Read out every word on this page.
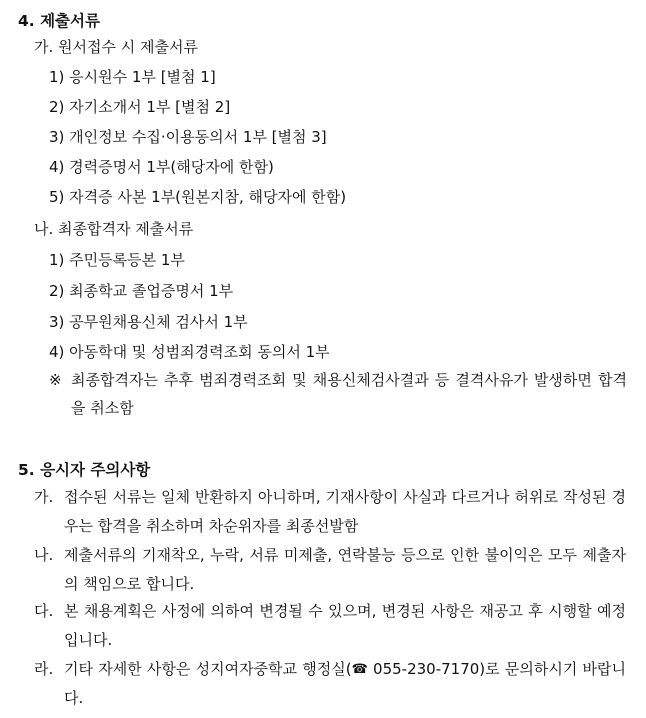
4. 제출서류
가. 원서접수 시 제출서류
1) 응시원수 1부 [별첨 1]
2) 자기소개서 1부 [별첨 2]
3) 개인정보 수집·이용동의서 1부 [별첨 3]
4) 경력증명서 1부(해당자에 한함)
5) 자격증 사본 1부(원본지참, 해당자에 한함)
나. 최종합격자 제출서류
1) 주민등록등본 1부
2) 최종학교 졸업증명서 1부
3) 공무원채용신체 검사서 1부
4) 아동학대 및 성범죄경력조회 동의서 1부
※ 최종합격자는 추후 범죄경력조회 및 채용신체검사결과 등 결격사유가 발생하면 합격을 취소함
5. 응시자 주의사항
가. 접수된 서류는 일체 반환하지 아니하며, 기재사항이 사실과 다르거나 허위로 작성된 경우는 합격을 취소하며 차순위자를 최종선발함
나. 제출서류의 기재착오, 누락, 서류 미제출, 연락불능 등으로 인한 불이익은 모두 제출자의 책임으로 합니다.
다. 본 채용계획은 사정에 의하여 변경될 수 있으며, 변경된 사항은 재공고 후 시행할 예정입니다.
라. 기타 자세한 사항은 성지여자중학교 행정실(☎ 055-230-7170)로 문의하시기 바랍니다.
